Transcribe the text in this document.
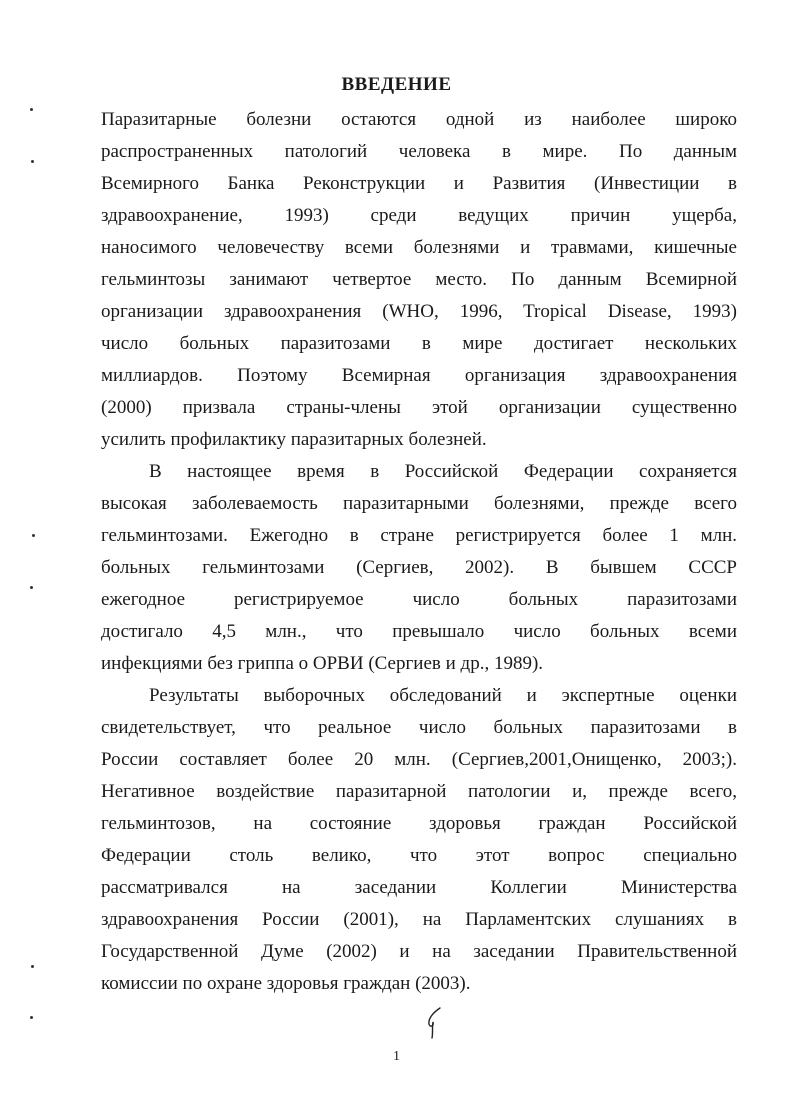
ВВЕДЕНИЕ
Паразитарные болезни остаются одной из наиболее широко
распространенных патологий человека в мире. По данным
Всемирного Банка Реконструкции и Развития (Инвестиции в
здравоохранение, 1993) среди ведущих причин ущерба,
наносимого человечеству всеми болезнями и травмами, кишечные
гельминтозы занимают четвертое место. По данным Всемирной
организации здравоохранения (WHO, 1996, Tropical Disease, 1993)
число больных паразитозами в мире достигает нескольких
миллиардов. Поэтому Всемирная организация здравоохранения
(2000) призвала страны-члены этой организации существенно
усилить профилактику паразитарных болезней.
В настоящее время в Российской Федерации сохраняется
высокая заболеваемость паразитарными болезнями, прежде всего
гельминтозами. Ежегодно в стране регистрируется более 1 млн.
больных гельминтозами (Сергиев, 2002). В бывшем СССР
ежегодное регистрируемое число больных паразитозами
достигало 4,5 млн., что превышало число больных всеми
инфекциями без гриппа о ОРВИ (Сергиев и др., 1989).
Результаты выборочных обследований и экспертные оценки
свидетельствует, что реальное число больных паразитозами в
России составляет более 20 млн. (Сергиев,2001,Онищенко, 2003;).
Негативное воздействие паразитарной патологии и, прежде всего,
гельминтозов, на состояние здоровья граждан Российской
Федерации столь велико, что этот вопрос специально
рассматривался на заседании Коллегии Министерства
здравоохранения России (2001), на Парламентских слушаниях в
Государственной Думе (2002) и на заседании Правительственной
комиссии по охране здоровья граждан (2003).
1
